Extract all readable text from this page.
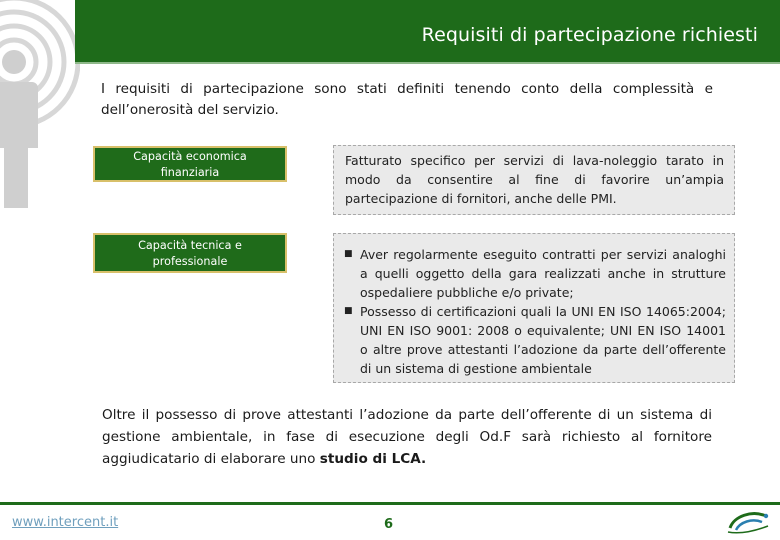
Requisiti di partecipazione richiesti
I requisiti di partecipazione sono stati definiti tenendo conto della complessità e dell’onerosità del servizio.
Capacità economica
finanziaria
Fatturato specifico per servizi di lava-noleggio tarato in modo da consentire al fine di favorire un’ampia partecipazione di fornitori, anche delle PMI.
Capacità tecnica e
professionale
■ Aver regolarmente eseguito contratti per servizi analoghi a quelli oggetto della gara realizzati anche in strutture ospedaliere pubbliche e/o private;
■ Possesso di certificazioni quali la UNI EN ISO 14065:2004; UNI EN ISO 9001: 2008 o equivalente; UNI EN ISO 14001 o altre prove attestanti l’adozione da parte dell’offerente di un sistema di gestione ambientale
Oltre il possesso di prove attestanti l’adozione da parte dell’offerente di un sistema di gestione ambientale, in fase di esecuzione degli Od.F sarà richiesto al fornitore aggiudicatario di elaborare uno studio di LCA.
www.intercent.it	6
